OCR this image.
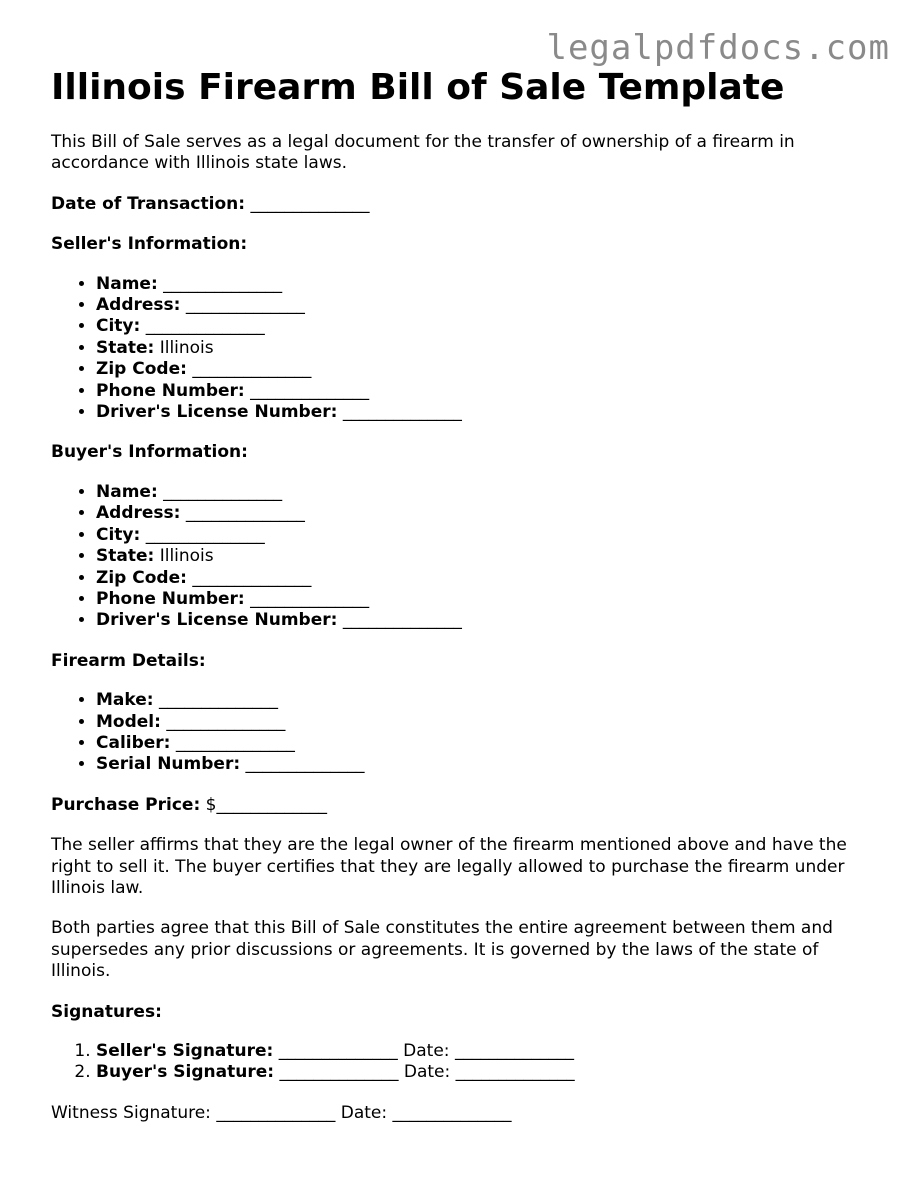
legalpdfdocs.com
Illinois Firearm Bill of Sale Template

This Bill of Sale serves as a legal document for the transfer of ownership of a firearm in accordance with Illinois state laws.

Date of Transaction: ______________

Seller's Information:

• Name: ______________
• Address: ______________
• City: ______________
• State: Illinois
• Zip Code: ______________
• Phone Number: ______________
• Driver's License Number: ______________

Buyer's Information:

• Name: ______________
• Address: ______________
• City: ______________
• State: Illinois
• Zip Code: ______________
• Phone Number: ______________
• Driver's License Number: ______________

Firearm Details:

• Make: ______________
• Model: ______________
• Caliber: ______________
• Serial Number: ______________

Purchase Price: $_____________

The seller affirms that they are the legal owner of the firearm mentioned above and have the right to sell it. The buyer certifies that they are legally allowed to purchase the firearm under Illinois law.

Both parties agree that this Bill of Sale constitutes the entire agreement between them and supersedes any prior discussions or agreements. It is governed by the laws of the state of Illinois.

Signatures:

1. Seller's Signature: ______________ Date: ______________
2. Buyer's Signature: ______________ Date: ______________

Witness Signature: ______________ Date: ______________
